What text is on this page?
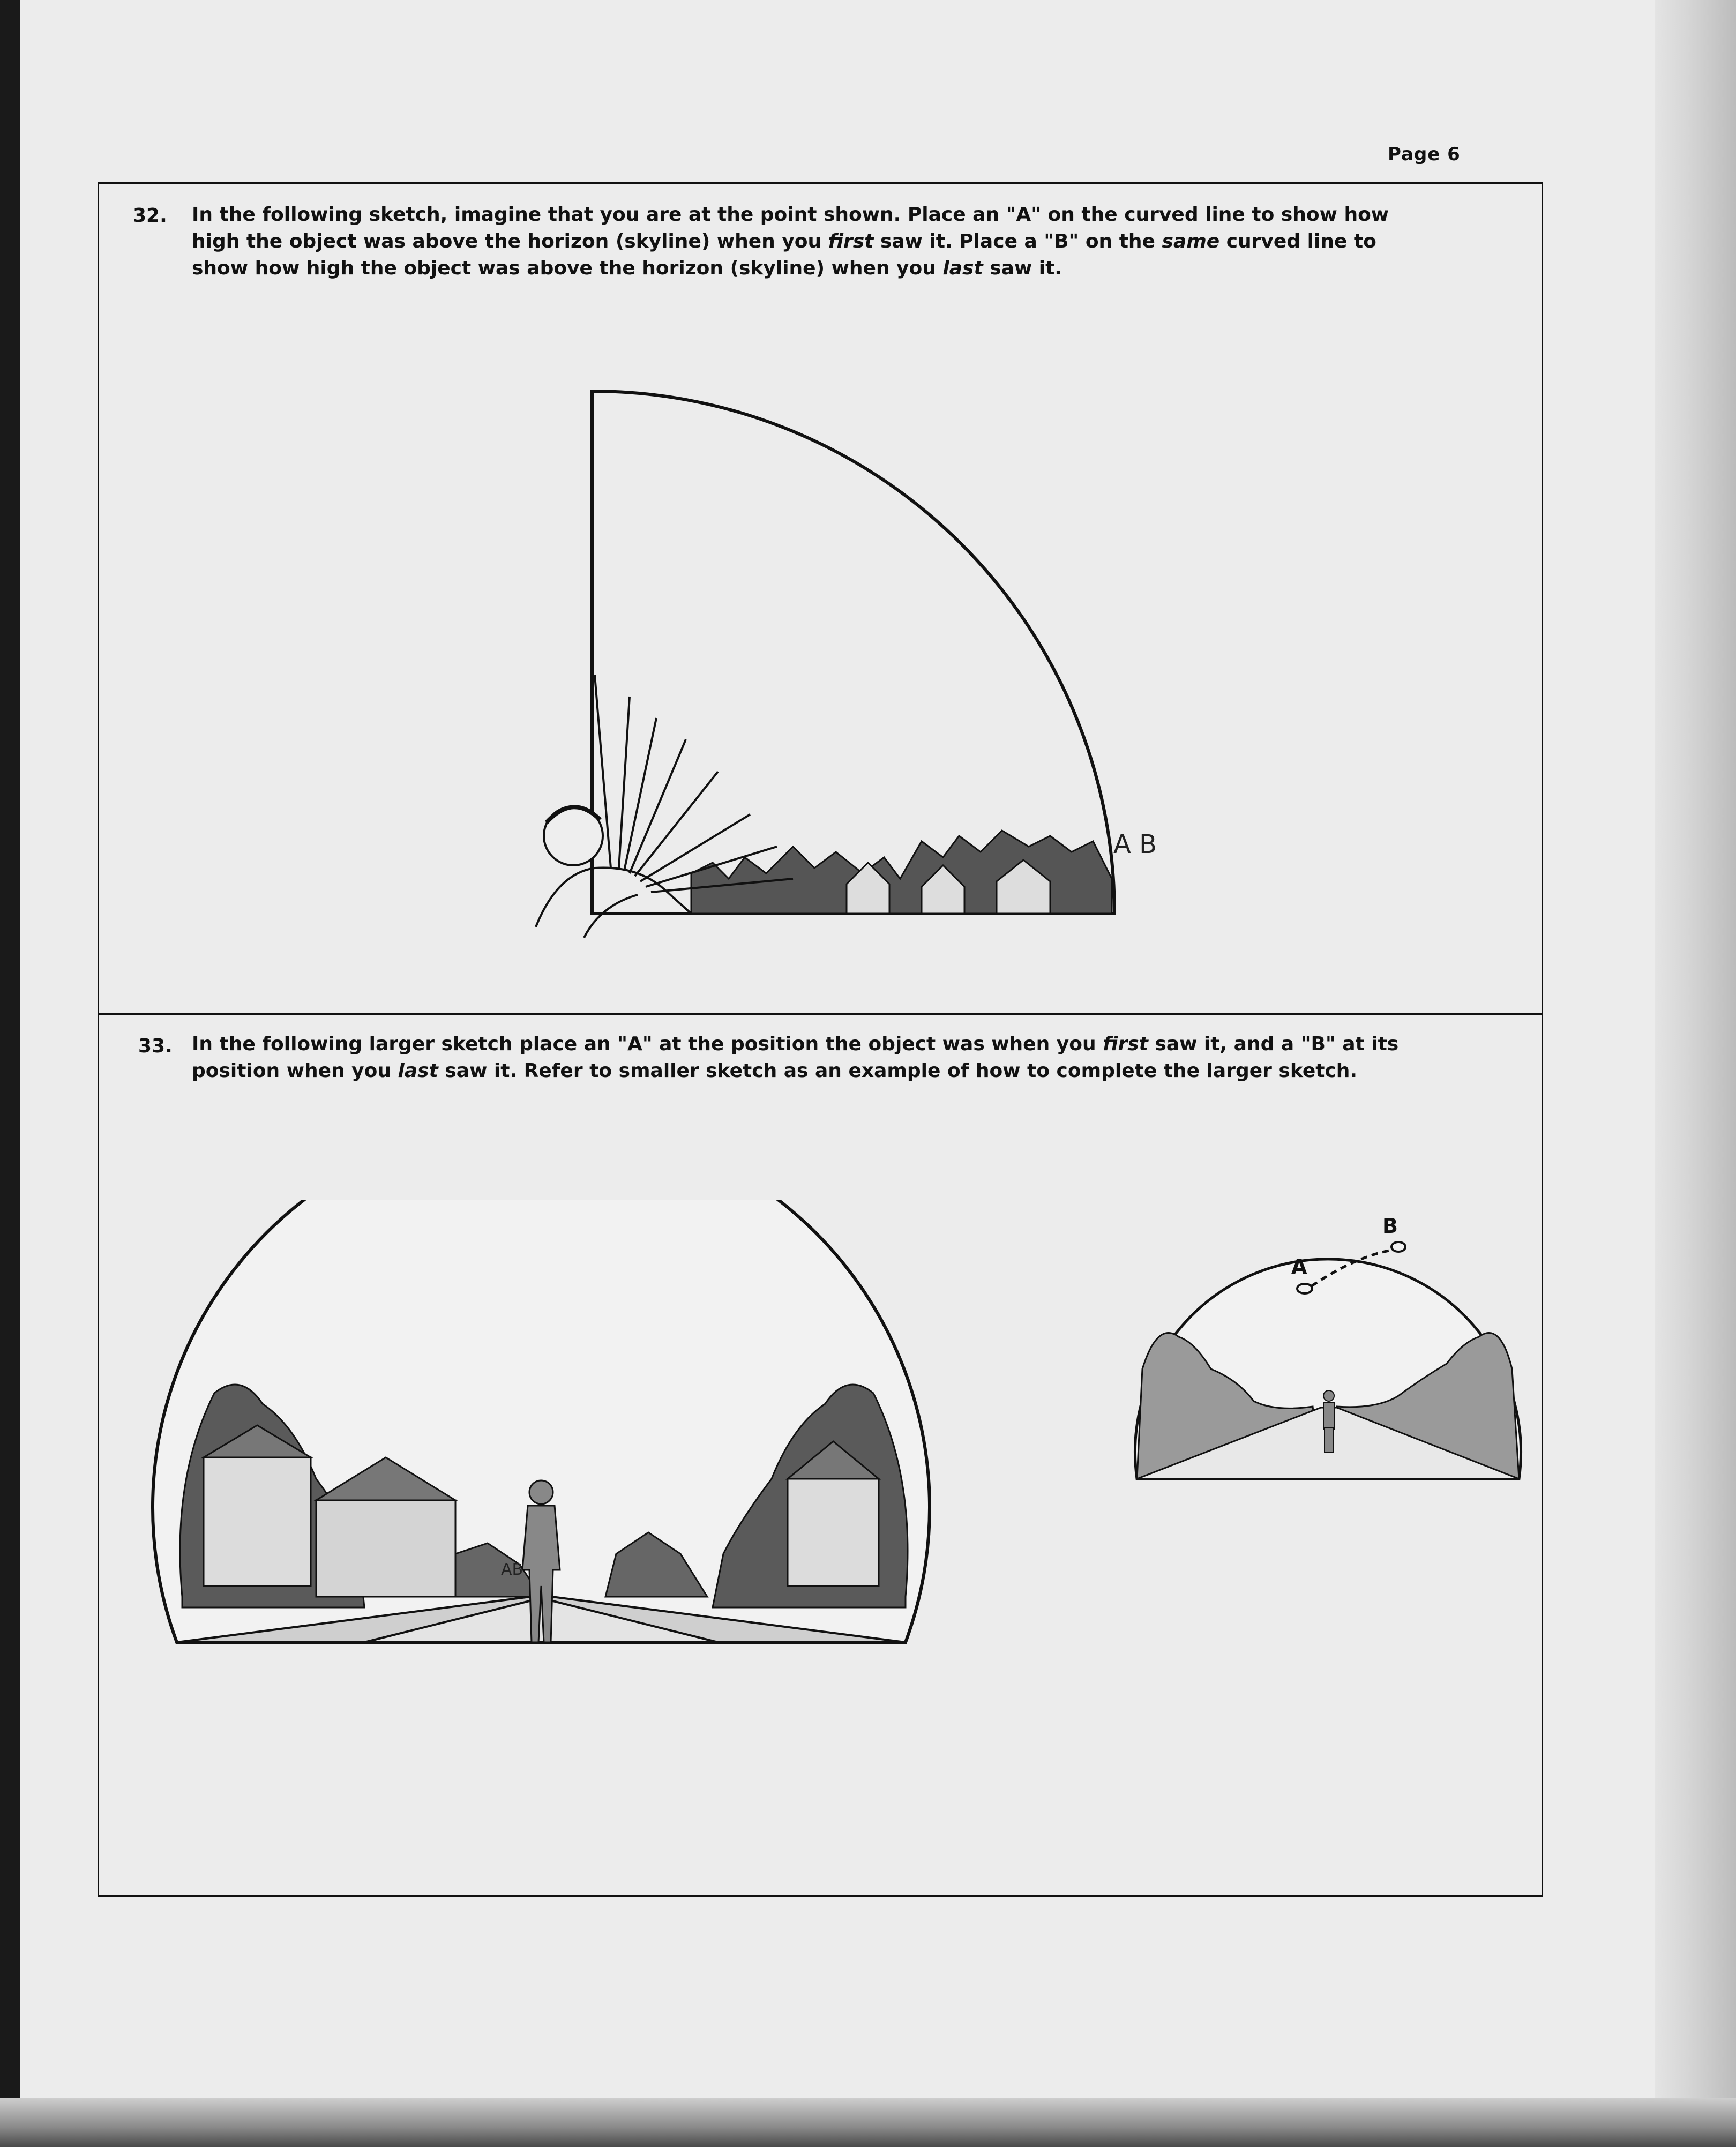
Page 6
32. In the following sketch, imagine that you are at the point shown. Place an "A" on the curved line to show how
high the object was above the horizon (skyline) when you first saw it. Place a "B" on the same curved line to
show how high the object was above the horizon (skyline) when you last saw it.
A B
33. In the following larger sketch place an "A" at the position the object was when you first saw it, and a "B" at its
position when you last saw it. Refer to smaller sketch as an example of how to complete the larger sketch.
AB
A
B
